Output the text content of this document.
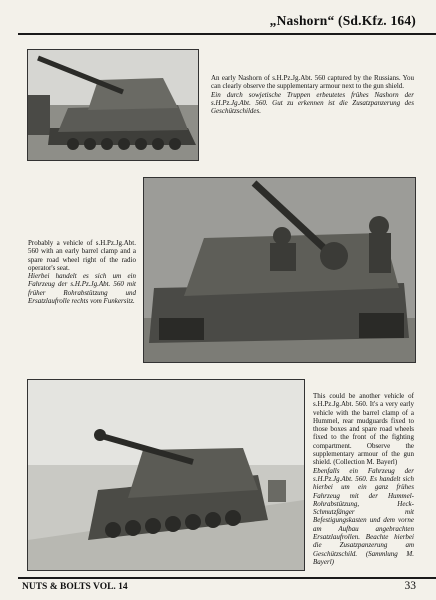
„Nashorn“ (Sd.Kfz. 164)

An early Nashorn of s.H.Pz.Jg.Abt. 560 captured by the Russians. You can clearly observe the supplementary armour next to the gun shield.

Ein durch sowjetische Truppen erbeutetes frühes Nashorn der s.H.Pz.Jg.Abt. 560. Gut zu erkennen ist die Zusatzpanzerung des Geschützschildes.

Probably a vehicle of s.H.Pz.Jg.Abt. 560 with an early barrel clamp and a spare road wheel right of the radio operator's seat.

Hierbei handelt es sich um ein Fahrzeug der s.H.Pz.Jg.Abt. 560 mit früher Rohrabstützung und Ersatzlaufrolle rechts vom Funkersitz.

This could be another vehicle of s.H.Pz.Jg.Abt. 560. It's a very early vehicle with the barrel clamp of a Hummel, rear mudguards fixed to those boxes and spare road wheels fixed to the front of the fighting compartment. Observe the supplementary armour of the gun shield. (Collection M. Bayerl)

Ebenfalls ein Fahrzeug der s.H.Pz.Jg.Abt. 560. Es handelt sich hierbei um ein ganz frühes Fahrzeug mit der Hummel-Rohrabstützung, Heck-Schmutzfänger mit Befestigungskasten und dem vorne am Aufbau angebrachten Ersatzlaufrollen. Beachte hierbei die Zusatzpanzerung am Geschützschild. (Sammlung M. Bayerl)

NUTS & BOLTS VOL. 14	33
